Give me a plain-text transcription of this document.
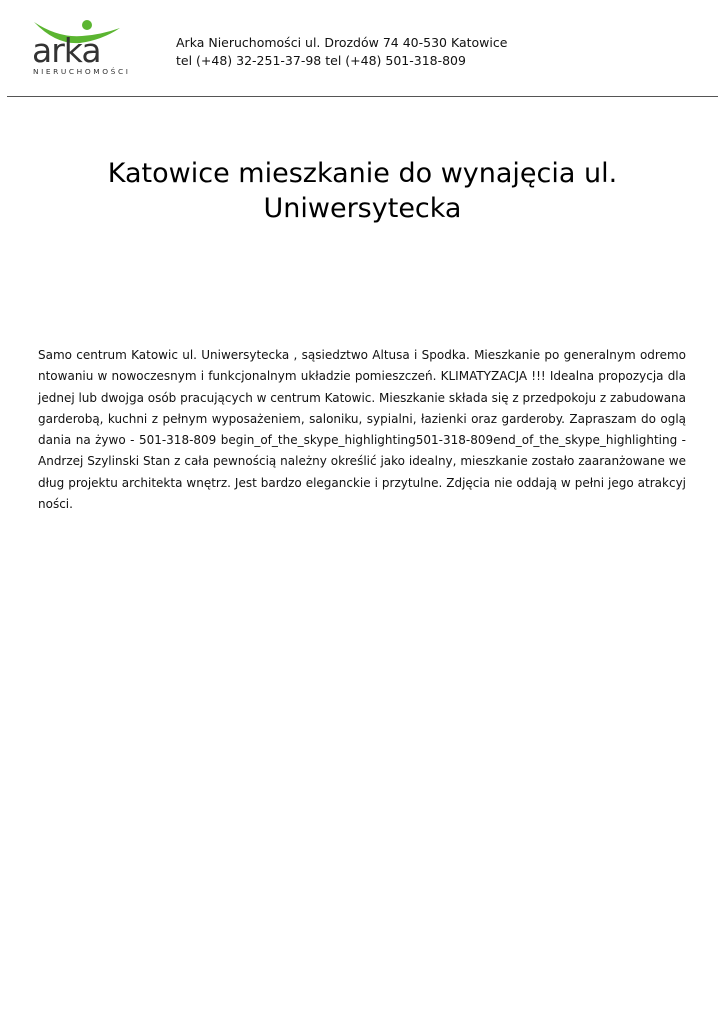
arka
NIERUCHOMOŚCI
Arka Nieruchomości ul. Drozdów 74 40-530 Katowice
tel (+48) 32-251-37-98 tel (+48) 501-318-809
Katowice mieszkanie do wynajęcia ul. Uniwersytecka

Samo centrum Katowic ul. Uniwersytecka , sąsiedztwo Altusa i Spodka. Mieszkanie po generalnym odremontowaniu w nowoczesnym i funkcjonalnym układzie pomieszczeń. KLIMATYZACJA !!! Idealna propozycja dla jednej lub dwojga osób pracujących w centrum Katowic. Mieszkanie składa się z przedpokoju z zabudowana garderobą, kuchni z pełnym wyposażeniem, saloniku, sypialni, łazienki oraz garderoby. Zapraszam do oglądania na żywo - 501-318-809 begin_of_the_skype_highlighting501-318-809end_of_the_skype_highlighting - Andrzej Szylinski Stan z cała pewnością należny określić jako idealny, mieszkanie zostało zaaranżowane według projektu architekta wnętrz. Jest bardzo eleganckie i przytulne. Zdjęcia nie oddają w pełni jego atrakcyjności.
